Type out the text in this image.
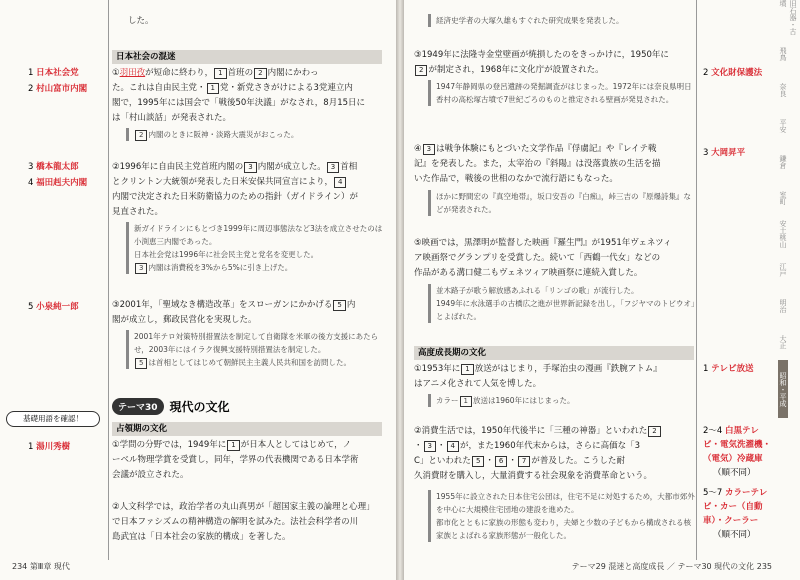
1 日本社会党
2 村山富市内閣
3 橋本龍太郎
4 福田赳夫内閣
5 小泉純一郎
基礎用語を確認！
1 湯川秀樹
した。
日本社会の混迷
①羽田孜が短命に終わり， 1 首班の 2 内閣にかわっ
た。これは自由民主党・ 1 党・新党さきがけによる3党連立内
閣で，1995年には国会で「戦後50年決議」がなされ，8月15日に
は「村山談話」が発表された。
2 内閣のときに阪神・淡路大震災がおこった。
②1996年に自由民主党首班内閣の 3 内閣が成立した。 3 首相
とクリントン大統領が発表した日米安保共同宣言により， 4
内閣で決定された日米防衛協力のための指針（ガイドライン）が
見直された。
新ガイドラインにもとづき1999年に周辺事態法など3法を成立させたのは小渕恵三内閣であった。
日本社会党は1996年に社会民主党と党名を変更した。
3 内閣は消費税を3%から5%に引き上げた。
③2001年，「聖域なき構造改革」をスローガンにかかげる 5 内
閣が成立し，郵政民営化を実現した。
2001年テロ対策特別措置法を制定して自衛隊を米軍の後方支援にあたらせ，2003年にはイラク復興支援特別措置法を制定した。
5 は首相としてはじめて朝鮮民主主義人民共和国を訪問した。
テーマ30	現代の文化
占領期の文化
①学問の分野では，1949年に 1 が日本人としてはじめて，ノ
ーベル物理学賞を受賞し，同年，学界の代表機関である日本学術
会議が設立された。
②人文科学では，政治学者の丸山真男が「超国家主義の論理と心理」
で日本ファシズムの精神構造の解明を試みた。法社会科学者の川
島武宜は「日本社会の家族的構成」を著した。
234 第Ⅲ章 現代
経済史学者の大塚久雄もすぐれた研究成果を発表した。
③1949年に法隆寺金堂壁画が焼損したのをきっかけに，1950年に
2 が制定され，1968年に文化庁が設置された。
1947年静岡県の登呂遺跡の発掘調査がはじまった。1972年には奈良県明日香村の高松塚古墳で7世紀ごろのものと推定される壁画が発見された。
④ 3 は戦争体験にもとづいた文学作品『俘虜記』や『レイテ戦
記』を発表した。また，太宰治の『斜陽』は没落貴族の生活を描
いた作品で，戦後の世相のなかで流行語にもなった。
ほかに野間宏の『真空地帯』，坂口安吾の『白痴』，峠三吉の『原爆詩集』などが発表された。
⑤映画では，黒澤明が監督した映画『羅生門』が1951年ヴェネツィ
ア映画祭でグランプリを受賞した。続いて「西鶴一代女」などの
作品がある溝口健二もヴェネツィア映画祭に連続入賞した。
並木路子が歌う解放感あふれる「リンゴの歌」が流行した。
1949年に水泳選手の古橋広之進が世界新記録を出し，「フジヤマのトビウオ」とよばれた。
高度成長期の文化
①1953年に 1 放送がはじまり，手塚治虫の漫画『鉄腕アトム』
はアニメ化されて人気を博した。
カラー 1 放送は1960年にはじまった。
②消費生活では，1950年代後半に「三種の神器」といわれた 2
・ 3 ・ 4 が，また1960年代末からは，さらに高価な「3
C」といわれた 5 ・ 6 ・ 7 が普及した。こうした耐
久消費財を購入し，大量消費する社会現象を消費革命という。
1955年に設立された日本住宅公団は，住宅不足に対処するため，大都市郊外を中心に大規模住宅団地の建設を進めた。
都市化とともに家族の形態も変わり，夫婦と少数の子どもから構成される核家族とよばれる家族形態が一般化した。
2 文化財保護法
3 大岡昇平
1 テレビ放送
2～4 白黒テレビ・電気洗濯機・（電気）冷蔵庫
（順不同）
5～7 カラーテレビ・カー（自動車）・クーラー
（順不同）
旧石器・古墳
飛鳥
奈良
平安
鎌倉
室町
安土桃山
江戸
明治
大正
昭和・平成
テーマ29 混迷と高度成長 ／ テーマ30 現代の文化 235
